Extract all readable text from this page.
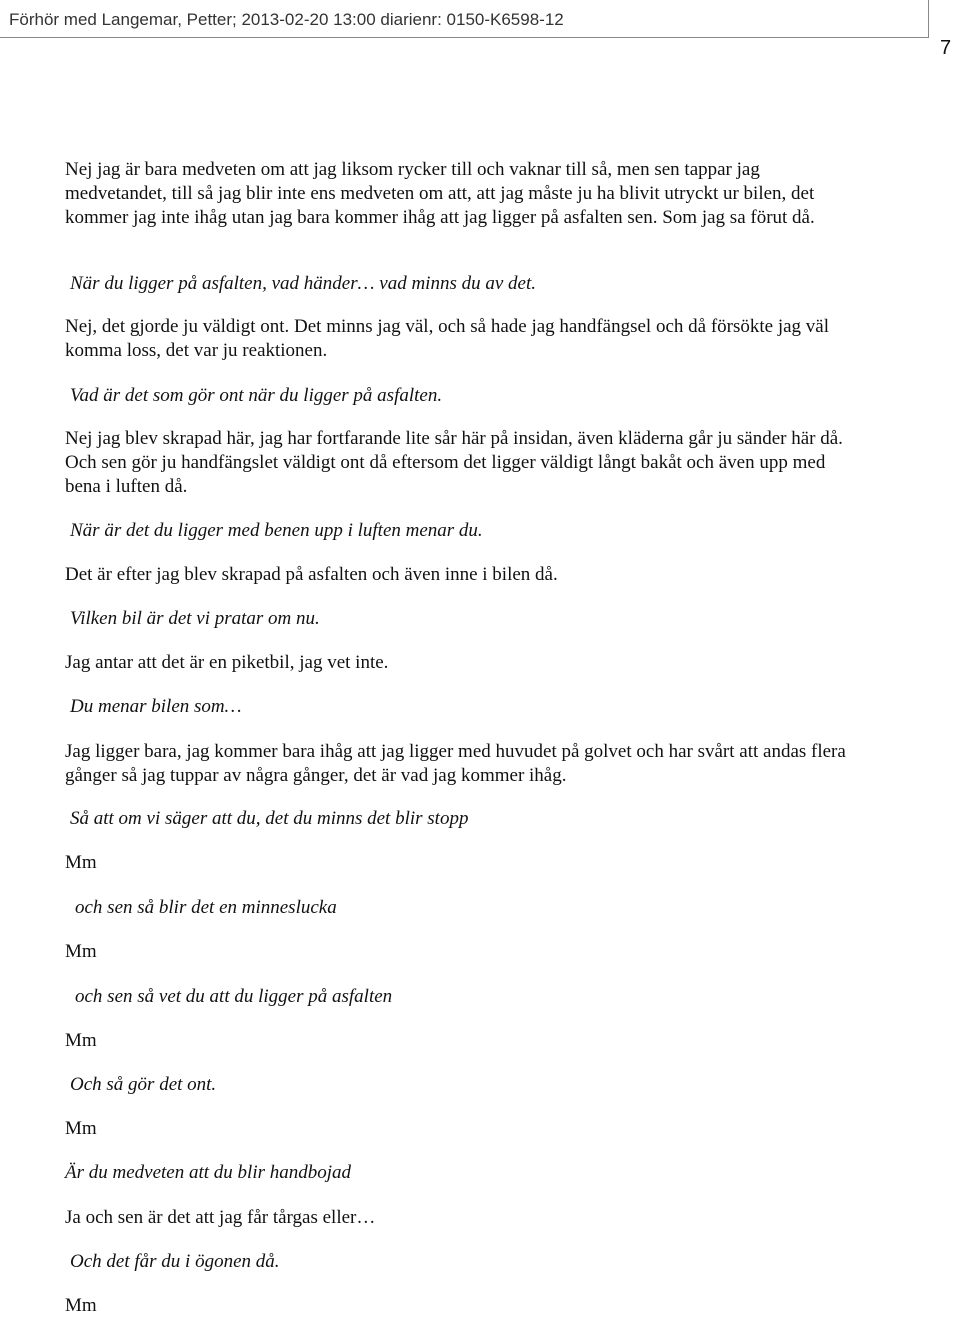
Förhör med Langemar, Petter; 2013-02-20 13:00 diarienr: 0150-K6598-12
7

Nej jag är bara medveten om att jag liksom rycker till och vaknar till så, men sen tappar jag medvetandet, till så jag blir inte ens medveten om att, att jag måste ju ha blivit utryckt ur bilen, det kommer jag inte ihåg utan jag bara kommer ihåg att jag ligger på asfalten sen. Som jag sa förut då.

När du ligger på asfalten, vad händer… vad minns du av det.

Nej, det gjorde ju väldigt ont. Det minns jag väl, och så hade jag handfängsel och då försökte jag väl komma loss, det var ju reaktionen.

Vad är det som gör ont när du ligger på asfalten.

Nej jag blev skrapad här, jag har fortfarande lite sår här på insidan, även kläderna går ju sänder här då. Och sen gör ju handfängslet väldigt ont då eftersom det ligger väldigt långt bakåt och även upp med bena i luften då.

När är det du ligger med benen upp i luften menar du.

Det är efter jag blev skrapad på asfalten och även inne i bilen då.

Vilken bil är det vi pratar om nu.

Jag antar att det är en piketbil, jag vet inte.

Du menar bilen som…

Jag ligger bara, jag kommer bara ihåg att jag ligger med huvudet på golvet och har svårt att andas flera gånger så jag tuppar av några gånger, det är vad jag kommer ihåg.

Så att om vi säger att du, det du minns det blir stopp

Mm

och sen så blir det en minneslucka

Mm

och sen så vet du att du ligger på asfalten

Mm

Och så gör det ont.

Mm

Är du medveten att du blir handbojad

Ja och sen är det att jag får tårgas eller…

Och det får du i ögonen då.

Mm
